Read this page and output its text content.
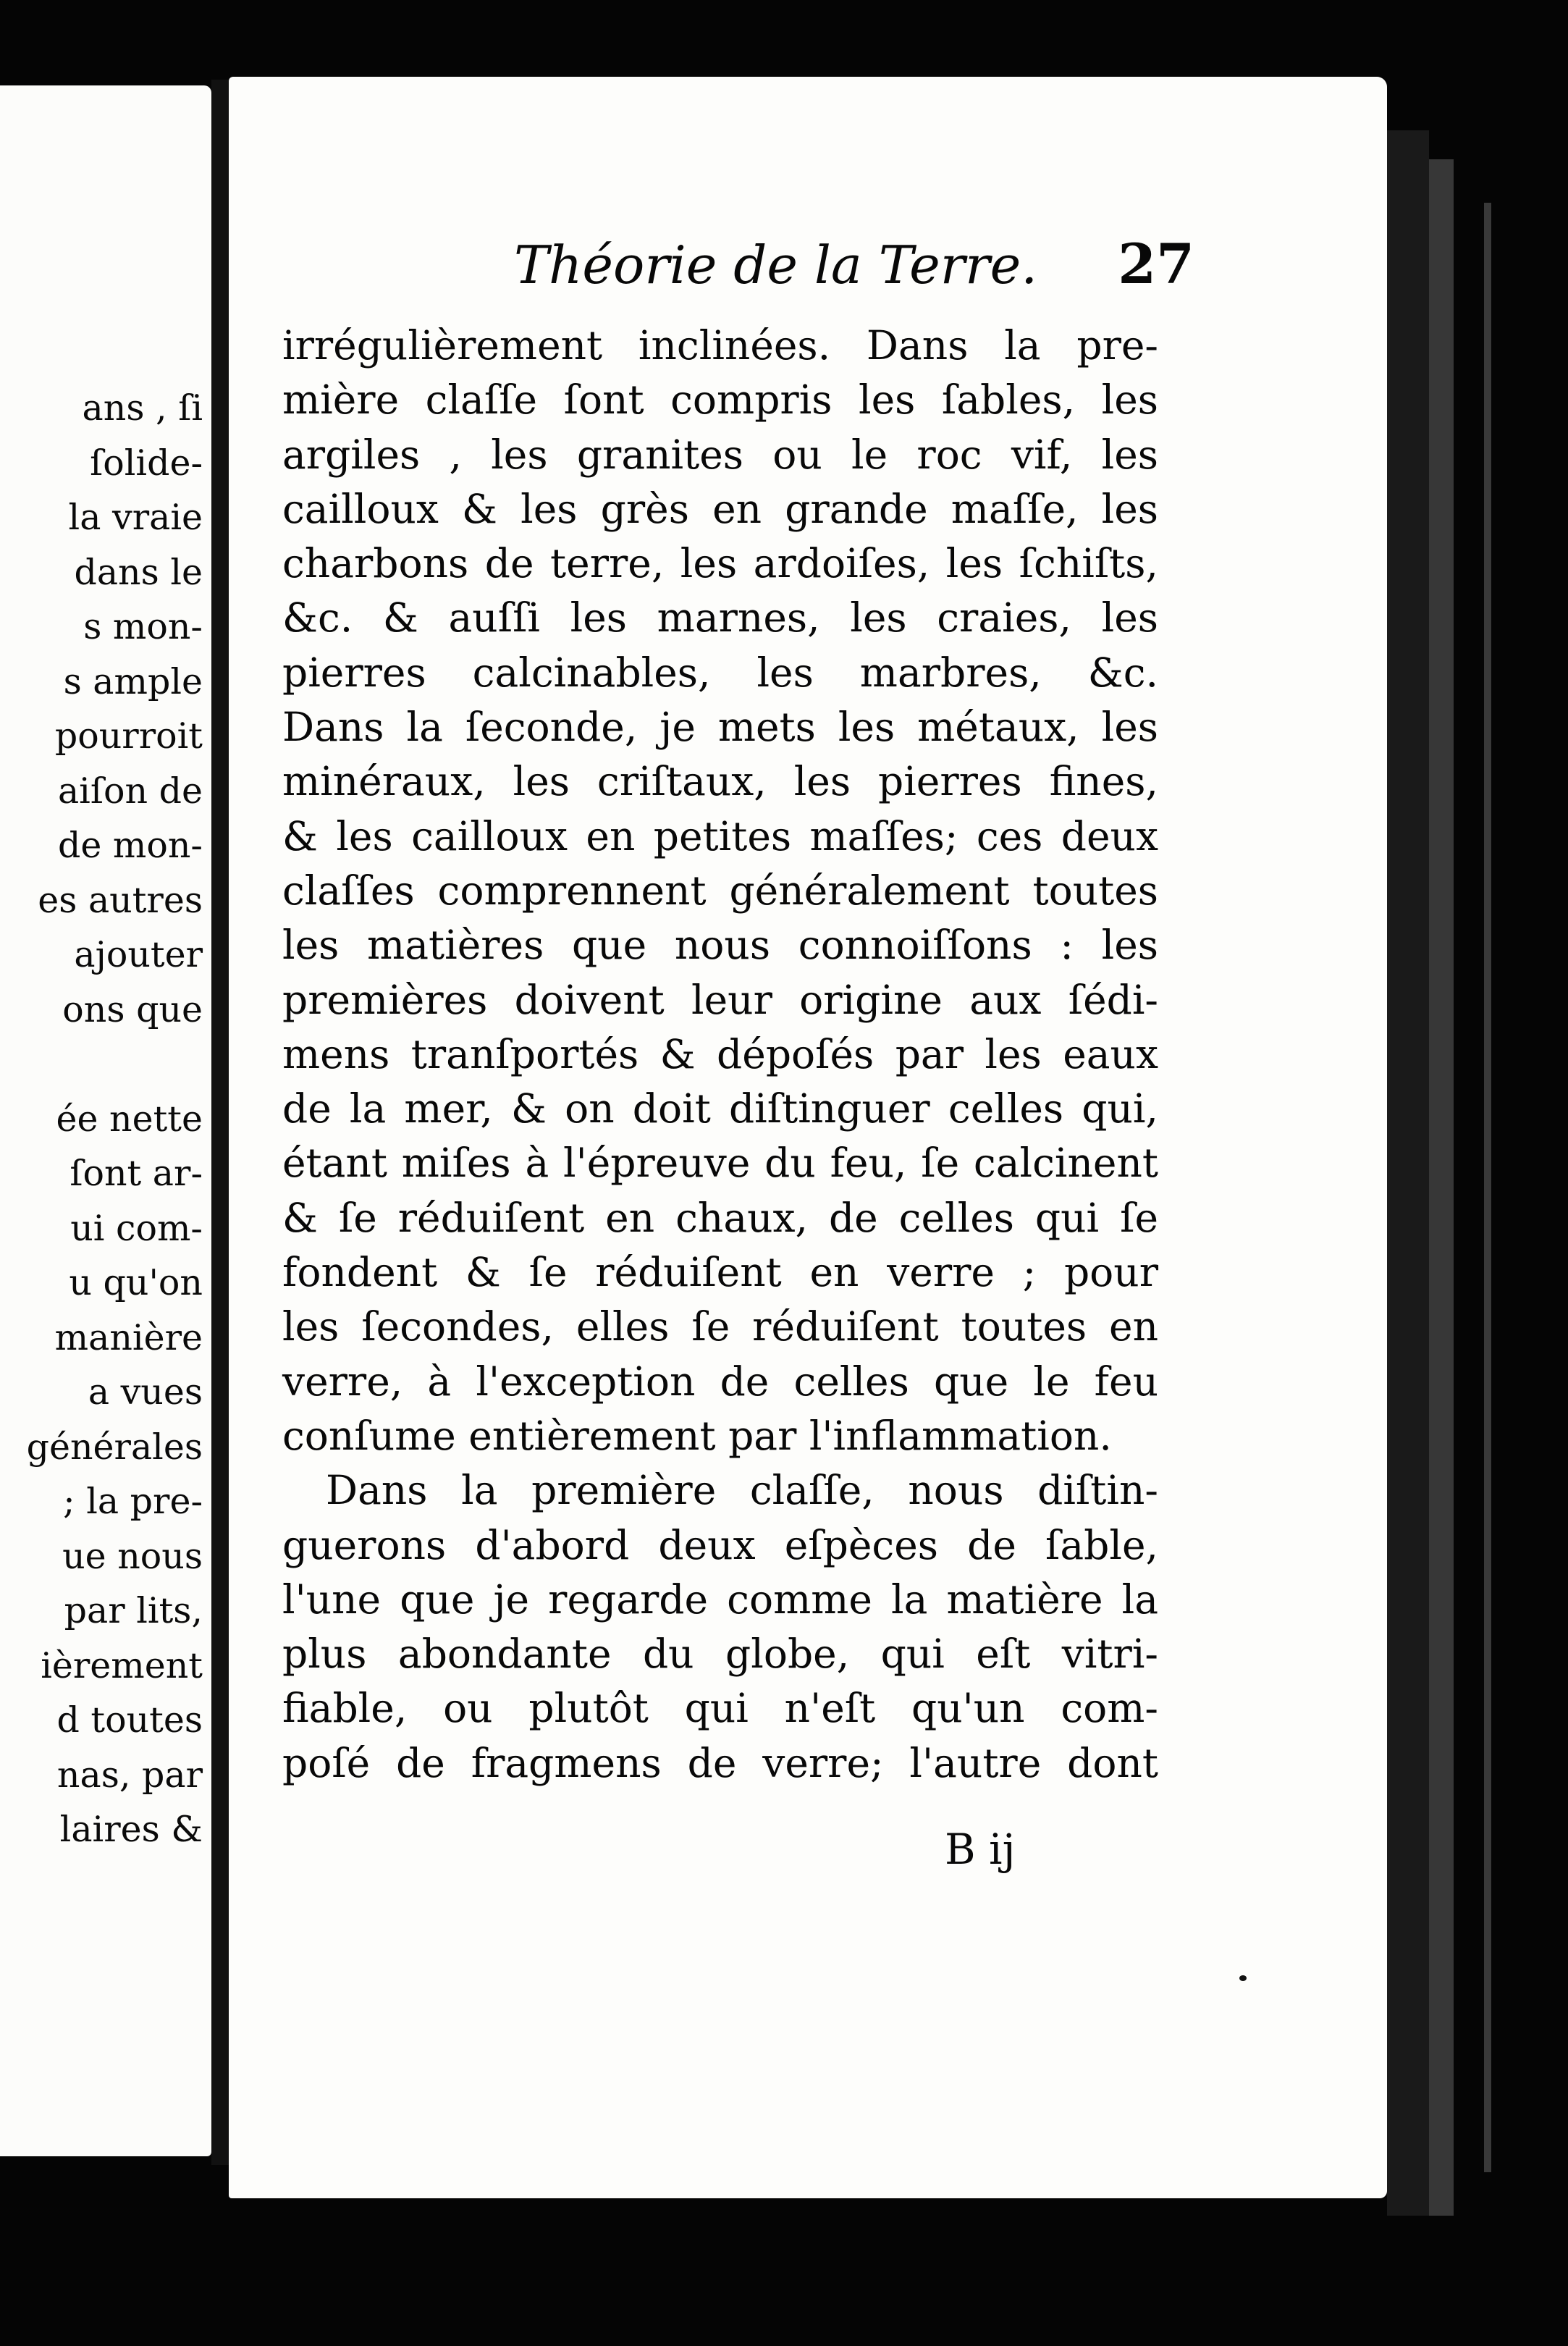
ans , ſi
ſolide-
la vraie
dans le
s mon-
s ample
pourroit
aiſon de
de mon-
es autres
ajouter
ons que
ée nette
ſont ar-
ui com-
u qu'on
manière
a vues
générales
; la pre-
ue nous
par lits,
ièrement
d toutes
nas, par
laires &
Théorie de la Terre. 27
irrégulièrement inclinées. Dans la pre-
mière claſſe ſont compris les ſables, les
argiles , les granites ou le roc vif, les
cailloux & les grès en grande maſſe, les
charbons de terre, les ardoiſes, les ſchiſts,
&c. & auſſi les marnes, les craies, les
pierres calcinables, les marbres, &c.
Dans la ſeconde, je mets les métaux, les
minéraux, les criſtaux, les pierres fines,
& les cailloux en petites maſſes; ces deux
claſſes comprennent généralement toutes
les matières que nous connoiſſons : les
premières doivent leur origine aux ſédi-
mens tranſportés & dépoſés par les eaux
de la mer, & on doit diſtinguer celles qui,
étant miſes à l'épreuve du feu, ſe calcinent
& ſe réduiſent en chaux, de celles qui ſe
fondent & ſe réduiſent en verre ; pour
les ſecondes, elles ſe réduiſent toutes en
verre, à l'exception de celles que le feu
conſume entièrement par l'inflammation.
Dans la première claſſe, nous diſtin-
guerons d'abord deux eſpèces de ſable,
l'une que je regarde comme la matière la
plus abondante du globe, qui eſt vitri-
fiable, ou plutôt qui n'eſt qu'un com-
poſé de fragmens de verre; l'autre dont
B ij
